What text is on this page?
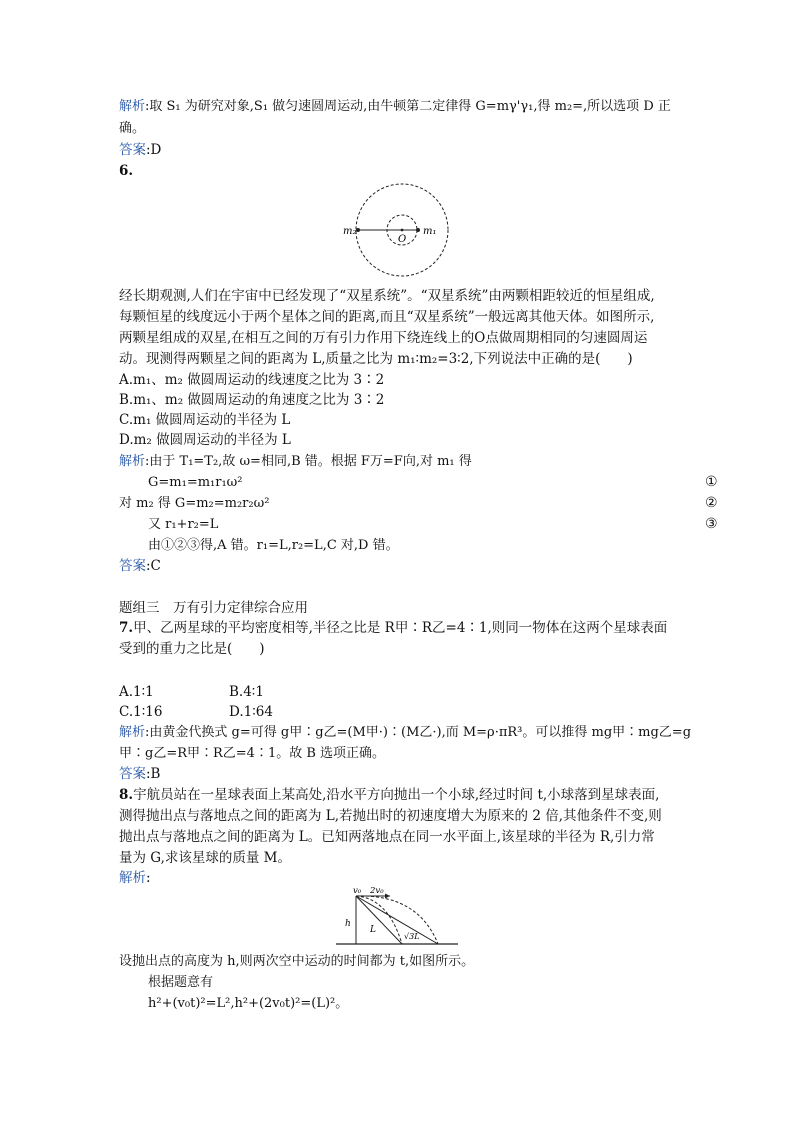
解析:取 S₁ 为研究对象,S₁ 做匀速圆周运动,由牛顿第二定律得 G=mγ'γ₁,得 m₂=,所以选项 D 正
确。
答案:D
6.
m₂
O
m₁
经长期观测,人们在宇宙中已经发现了“双星系统”。“双星系统”由两颗相距较近的恒星组成,
每颗恒星的线度远小于两个星体之间的距离,而且“双星系统”一般远离其他天体。如图所示,
两颗星组成的双星,在相互之间的万有引力作用下绕连线上的O点做周期相同的匀速圆周运
动。现测得两颗星之间的距离为 L,质量之比为 m₁∶m₂=3∶2,下列说法中正确的是(　　)
A.m₁、m₂ 做圆周运动的线速度之比为 3∶2
B.m₁、m₂ 做圆周运动的角速度之比为 3∶2
C.m₁ 做圆周运动的半径为 L
D.m₂ 做圆周运动的半径为 L
解析:由于 T₁=T₂,故 ω=相同,B 错。根据 F万=F向,对 m₁ 得
G=m₁=m₁r₁ω²	①
对 m₂ 得 G=m₂=m₂r₂ω²	②
又 r₁+r₂=L	③
由①②③得,A 错。r₁=L,r₂=L,C 对,D 错。
答案:C
题组三　万有引力定律综合应用
7.甲、乙两星球的平均密度相等,半径之比是 R甲∶R乙=4∶1,则同一物体在这两个星球表面
受到的重力之比是(　　)
A.1∶1	B.4∶1
C.1∶16	D.1∶64
解析:由黄金代换式 g=可得 g甲∶g乙=(M甲·)∶(M乙·),而 M=ρ·πR³。可以推得 mg甲∶mg乙=g
甲∶g乙=R甲∶R乙=4∶1。故 B 选项正确。
答案:B
8.宇航员站在一星球表面上某高处,沿水平方向抛出一个小球,经过时间 t,小球落到星球表面,
测得抛出点与落地点之间的距离为 L,若抛出时的初速度增大为原来的 2 倍,其他条件不变,则
抛出点与落地点之间的距离为 L。已知两落地点在同一水平面上,该星球的半径为 R,引力常
量为 G,求该星球的质量 M。
解析:
v₀ 2v₀
h
L
√3L
设抛出点的高度为 h,则两次空中运动的时间都为 t,如图所示。
根据题意有
h²+(v₀t)²=L²,h²+(2v₀t)²=(L)²。
